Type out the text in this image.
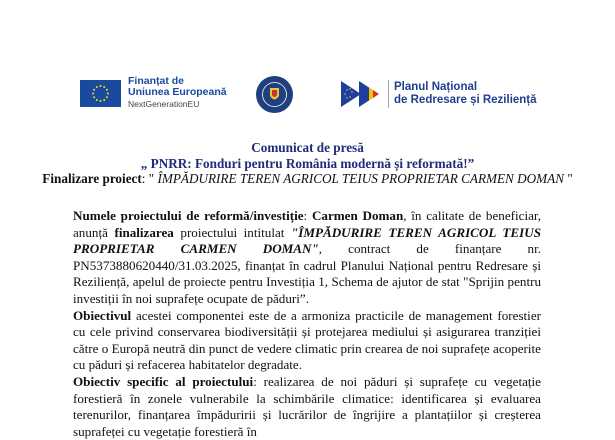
Finanțat de
Uniunea Europeană
NextGenerationEU
Planul Național
de Redresare și Reziliență
Comunicat de presă
„ PNRR: Fonduri pentru România modernă și reformată!”
Finalizare proiect: " ÎMPĂDURIRE TEREN AGRICOL TEIUS PROPRIETAR CARMEN DOMAN "

Numele proiectului de reformă/investiție: Carmen Doman, în calitate de beneficiar, anunță finalizarea proiectului intitulat "ÎMPĂDURIRE TEREN AGRICOL TEIUS PROPRIETAR CARMEN DOMAN", contract de finanțare nr. PN5373880620440/31.03.2025, finanțat în cadrul Planului Național pentru Redresare și Reziliență, apelul de proiecte pentru Investiția 1, Schema de ajutor de stat "Sprijin pentru investiții în noi suprafețe ocupate de păduri”.

Obiectivul acestei componentei este de a armoniza practicile de management forestier cu cele privind conservarea biodiversității și protejarea mediului și asigurarea tranziției către o Europă neutră din punct de vedere climatic prin crearea de noi suprafețe acoperite cu păduri și refacerea habitatelor degradate.

Obiectiv specific al proiectului: realizarea de noi păduri și suprafețe cu vegetație forestieră în zonele vulnerabile la schimbările climatice: identificarea și evaluarea terenurilor, finanțarea împăduririi și lucrărilor de îngrijire a plantațiilor și creșterea suprafeței cu vegetație forestieră în
